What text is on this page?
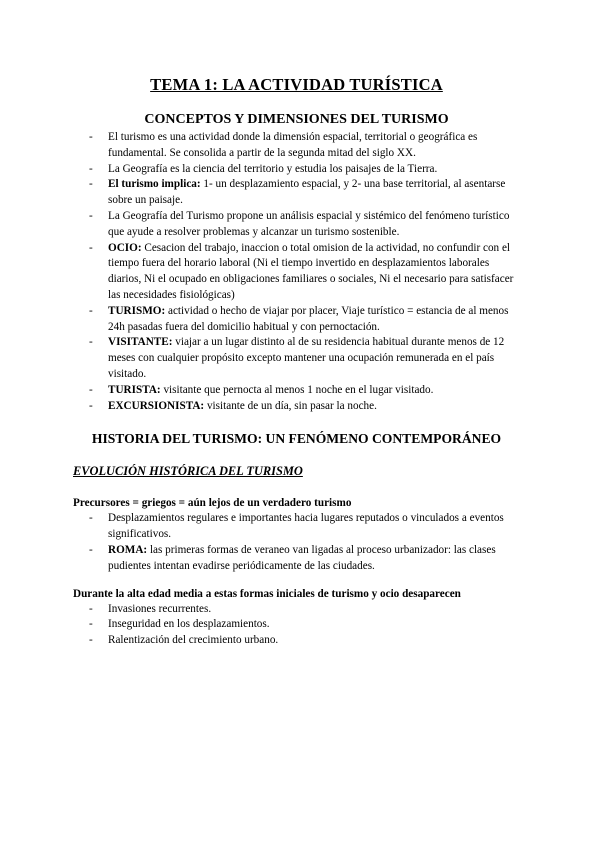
TEMA 1: LA ACTIVIDAD TURÍSTICA
CONCEPTOS Y DIMENSIONES DEL TURISMO
- El turismo es una actividad donde la dimensión espacial, territorial o geográfica es fundamental. Se consolida a partir de la segunda mitad del siglo XX.
- La Geografía es la ciencia del territorio y estudia los paisajes de la Tierra.
- El turismo implica: 1- un desplazamiento espacial, y 2- una base territorial, al asentarse sobre un paisaje.
- La Geografía del Turismo propone un análisis espacial y sistémico del fenómeno turístico que ayude a resolver problemas y alcanzar un turismo sostenible.
- OCIO: Cesacion del trabajo, inaccion o total omision de la actividad, no confundir con el tiempo fuera del horario laboral (Ni el tiempo invertido en desplazamientos laborales diarios, Ni el ocupado en obligaciones familiares o sociales, Ni el necesario para satisfacer las necesidades fisiológicas)
- TURISMO: actividad o hecho de viajar por placer, Viaje turístico = estancia de al menos 24h pasadas fuera del domicilio habitual y con pernoctación.
- VISITANTE: viajar a un lugar distinto al de su residencia habitual durante menos de 12 meses con cualquier propósito excepto mantener una ocupación remunerada en el país visitado.
- TURISTA: visitante que pernocta al menos 1 noche en el lugar visitado.
- EXCURSIONISTA: visitante de un día, sin pasar la noche.
HISTORIA DEL TURISMO: UN FENÓMENO CONTEMPORÁNEO
EVOLUCIÓN HISTÓRICA DEL TURISMO

Precursores = griegos = aún lejos de un verdadero turismo

- Desplazamientos regulares e importantes hacia lugares reputados o vinculados a eventos significativos.
- ROMA: las primeras formas de veraneo van ligadas al proceso urbanizador: las clases pudientes intentan evadirse periódicamente de las ciudades.

Durante la alta edad media a estas formas iniciales de turismo y ocio desaparecen

- Invasiones recurrentes.
- Inseguridad en los desplazamientos.
- Ralentización del crecimiento urbano.
